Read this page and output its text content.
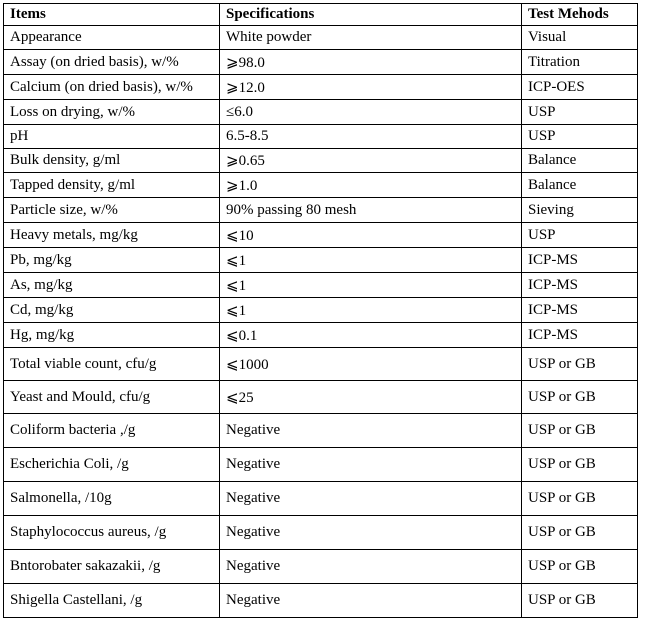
Items	Specifications	Test Mehods
Appearance	White powder	Visual
Assay (on dried basis), w/%	⩾98.0	Titration
Calcium (on dried basis), w/%	⩾12.0	ICP-OES
Loss on drying, w/%	≤6.0	USP
pH	6.5-8.5	USP
Bulk density, g/ml	⩾0.65	Balance
Tapped density, g/ml	⩾1.0	Balance
Particle size, w/%	90% passing 80 mesh	Sieving
Heavy metals, mg/kg	⩽10	USP
Pb, mg/kg	⩽1	ICP-MS
As, mg/kg	⩽1	ICP-MS
Cd, mg/kg	⩽1	ICP-MS
Hg, mg/kg	⩽0.1	ICP-MS
Total viable count, cfu/g	⩽1000	USP or GB
Yeast and Mould, cfu/g	⩽25	USP or GB
Coliform bacteria ,/g	Negative	USP or GB
Escherichia Coli, /g	Negative	USP or GB
Salmonella, /10g	Negative	USP or GB
Staphylococcus aureus, /g	Negative	USP or GB
Bntorobater sakazakii, /g	Negative	USP or GB
Shigella Castellani, /g	Negative	USP or GB
